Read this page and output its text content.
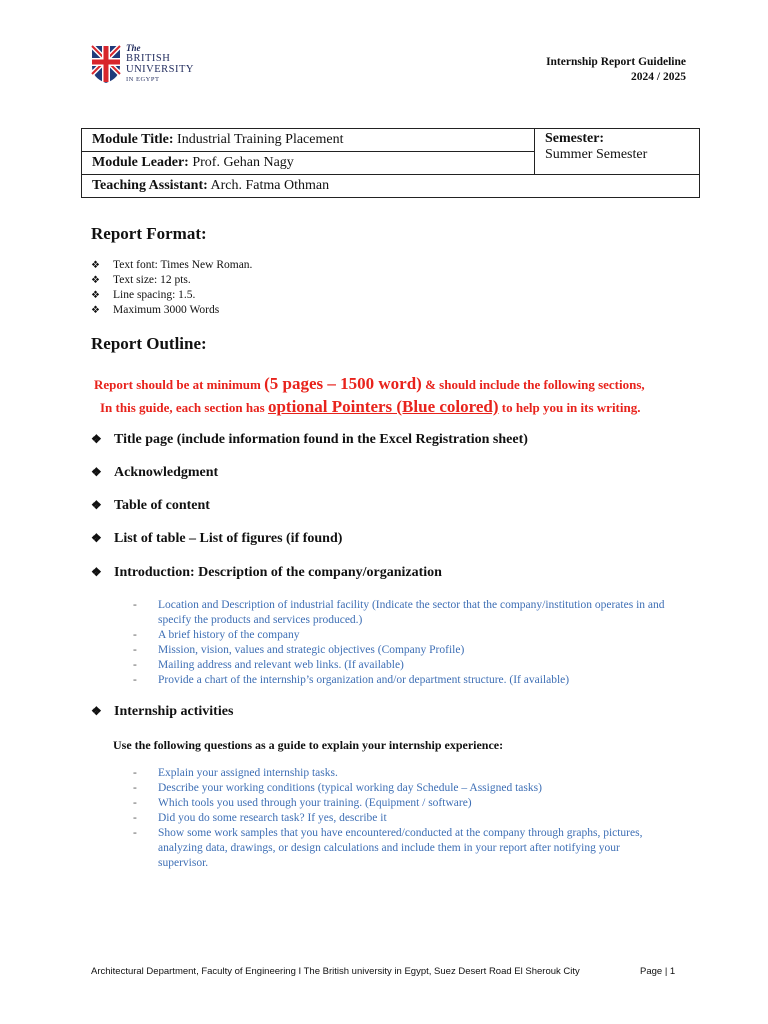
The
BRITISH
UNIVERSITY
IN EGYPT
Internship Report Guideline
2024 / 2025
Module Title: Industrial Training Placement	Semester:
Summer Semester

Module Leader: Prof. Gehan Nagy
Teaching Assistant: Arch. Fatma Othman
Report Format:
❖ Text font: Times New Roman.
❖ Text size: 12 pts.
❖ Line spacing: 1.5.
❖ Maximum 3000 Words
Report Outline:
Report should be at minimum (5 pages – 1500 word) & should include the following sections,
In this guide, each section has optional Pointers (Blue colored) to help you in its writing.
❖ Title page (include information found in the Excel Registration sheet)
❖ Acknowledgment
❖ Table of content
❖ List of table – List of figures (if found)
❖ Introduction: Description of the company/organization
- Location and Description of industrial facility (Indicate the sector that the company/institution operates in and specify the products and services produced.)
- A brief history of the company
- Mission, vision, values and strategic objectives (Company Profile)
- Mailing address and relevant web links. (If available)
- Provide a chart of the internship’s organization and/or department structure. (If available)
❖ Internship activities
Use the following questions as a guide to explain your internship experience:
- Explain your assigned internship tasks.
- Describe your working conditions (typical working day Schedule – Assigned tasks)
- Which tools you used through your training. (Equipment / software)
- Did you do some research task? If yes, describe it
- Show some work samples that you have encountered/conducted at the company through graphs, pictures, analyzing data, drawings, or design calculations and include them in your report after notifying your supervisor.
Architectural Department, Faculty of Engineering I The British university in Egypt, Suez Desert Road El Sherouk City	Page | 1
